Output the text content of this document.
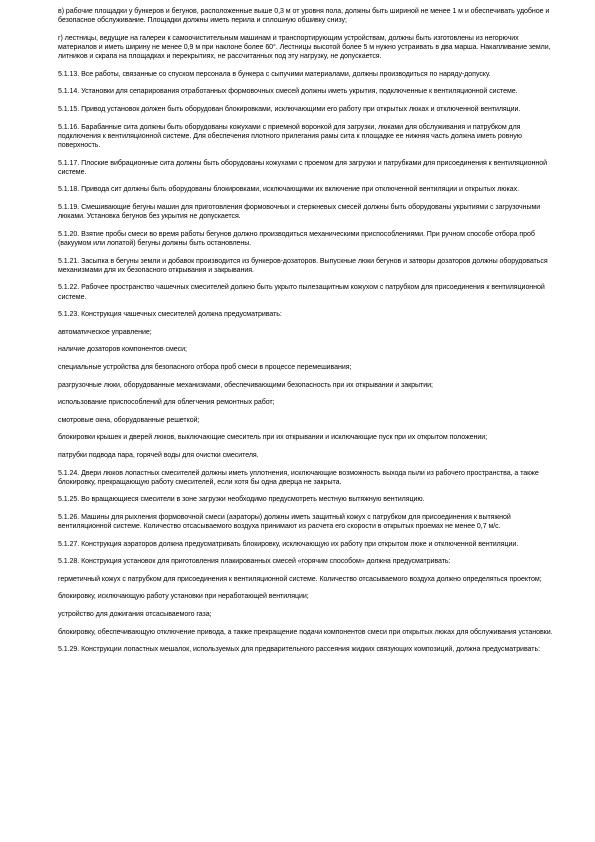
в) рабочие площадки у бункеров и бегунов, расположенные выше 0,3 м от уровня пола, должны быть шириной не менее 1 м и обеспечивать удобное и безопасное обслуживание. Площадки должны иметь перила и сплошную обшивку снизу;

г) лестницы, ведущие на галереи к самоочистительным машинам и транспортирующим устройствам, должны быть изготовлены из негорючих материалов и иметь ширину не менее 0,9 м при наклоне более 60°. Лестницы высотой более 5 м нужно устраивать в два марша. Накапливание земли, литников и скрапа на площадках и перекрытиях, не рассчитанных под эту нагрузку, не допускается.

5.1.13. Все работы, связанные со спуском персонала в бункера с сыпучими материалами, должны производиться по наряду-допуску.

5.1.14. Установки для сепарирования отработанных формовочных смесей должны иметь укрытия, подключенные к вентиляционной системе.

5.1.15. Привод установок должен быть оборудован блокировками, исключающими его работу при открытых люках и отключенной вентиляции.

5.1.16. Барабанные сита должны быть оборудованы кожухами с приемной воронкой для загрузки, люками для обслуживания и патрубком для подключения к вентиляционной системе. Для обеспечения плотного прилегания рамы сита к площадке ее нижняя часть должна иметь ровную поверхность.

5.1.17. Плоские вибрационные сита должны быть оборудованы кожухами с проемом для загрузки и патрубками для присоединения к вентиляционной системе.

5.1.18. Привода сит должны быть оборудованы блокировками, исключающими их включение при отключенной вентиляции и открытых люках.

5.1.19. Смешивающие бегуны машин для приготовления формовочных и стержневых смесей должны быть оборудованы укрытиями с загрузочными люками. Установка бегунов без укрытия не допускается.

5.1.20. Взятие пробы смеси во время работы бегунов должно производиться механическими приспособлениями. При ручном способе отбора проб (вакуумом или лопатой) бегуны должны быть остановлены.

5.1.21. Засыпка в бегуны земли и добавок производится из бункеров-дозаторов. Выпускные люки бегунов и затворы дозаторов должны оборудоваться механизмами для их безопасного открывания и закрывания.

5.1.22. Рабочее пространство чашечных смесителей должно быть укрыто пылезащитным кожухом с патрубком для присоединения к вентиляционной системе.

5.1.23. Конструкция чашечных смесителей должна предусматривать:

автоматическое управление;

наличие дозаторов компонентов смеси;

специальные устройства для безопасного отбора проб смеси в процессе перемешивания;

разгрузочные люки, оборудованные механизмами, обеспечивающими безопасность при их открывании и закрытии;

использование приспособлений для облегчения ремонтных работ;

смотровые окна, оборудованные решеткой;

блокировки крышек и дверей люков, выключающие смеситель при их открывании и исключающие пуск при их открытом положении;

патрубки подвода пара, горячей воды для очистки смесителя.

5.1.24. Двери люков лопастных смесителей должны иметь уплотнения, исключающие возможность выхода пыли из рабочего пространства, а также блокировку, прекращающую работу смесителей, если хотя бы одна дверца не закрыта.

5.1.25. Во вращающиеся смесители в зоне загрузки необходимо предусмотреть местную вытяжную вентиляцию.

5.1.26. Машины для рыхления формовочной смеси (аэраторы) должны иметь защитный кожух с патрубком для присоединения к вытяжной вентиляционной системе. Количество отсасываемого воздуха принимают из расчета его скорости в открытых проемах не менее 0,7 м/с.

5.1.27. Конструкция аэраторов должна предусматривать блокировку, исключающую их работу при открытом люке и отключенной вентиляции.

5.1.28. Конструкция установок для приготовления плакированных смесей «горячим способом» должна предусматривать:

герметичный кожух с патрубком для присоединения к вентиляционной системе. Количество отсасываемого воздуха должно определяться проектом;

блокировку, исключающую работу установки при неработающей вентиляции;

устройство для дожигания отсасываемого газа;

блокировку, обеспечивающую отключение привода, а также прекращение подачи компонентов смеси при открытых люках для обслуживания установки.

5.1.29. Конструкции лопастных мешалок, используемых для предварительного рассеяния жидких связующих композиций, должна предусматривать:
